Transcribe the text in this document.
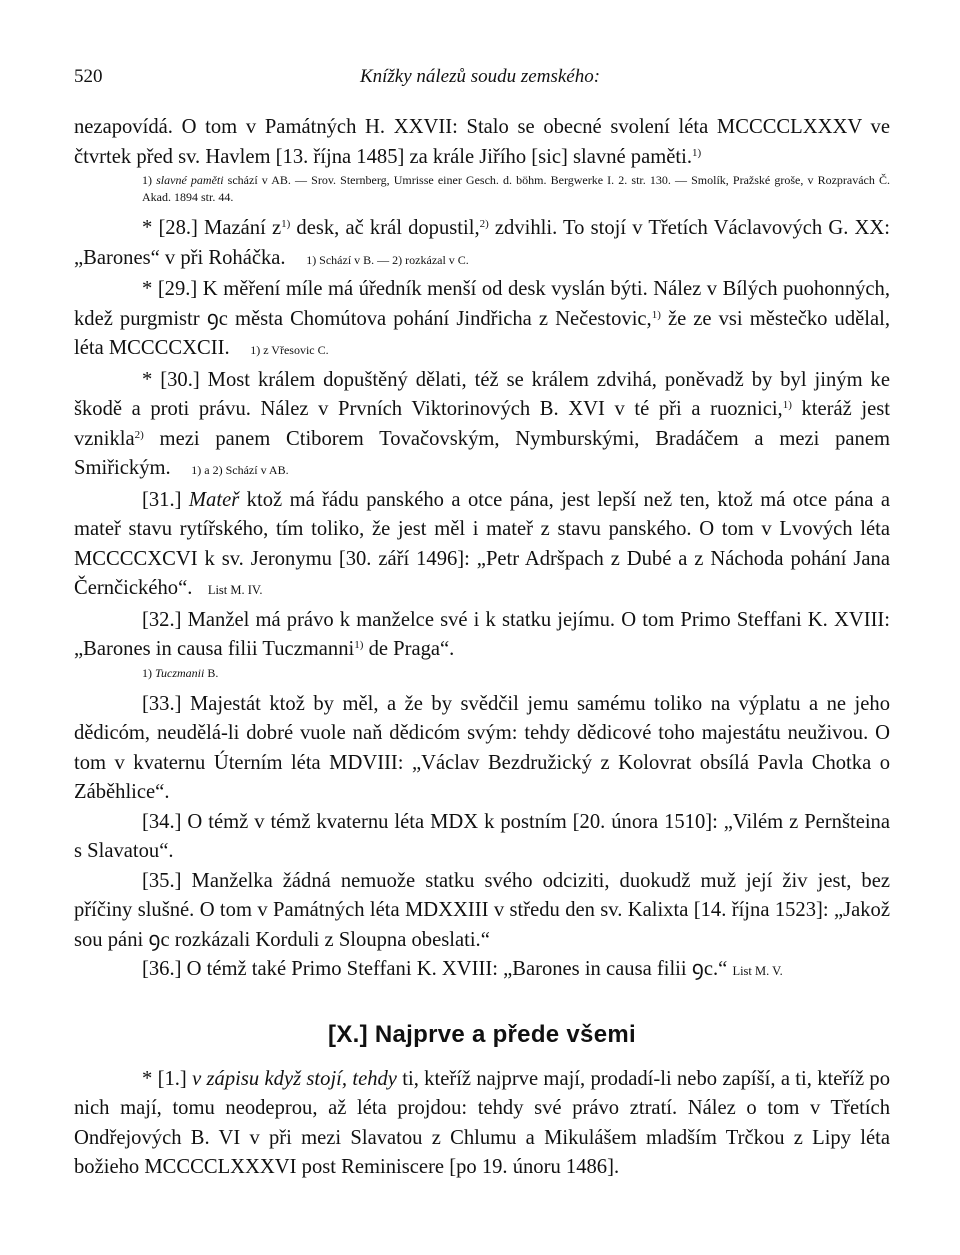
520	Knížky nálezů soudu zemského:

nezapovídá. O tom v Památných H. XXVII: Stalo se obecné svolení léta MCCCCLXXXV ve čtvrtek před sv. Havlem [13. října 1485] za krále Jiřího [sic] slavné paměti.$^{1)}$

1) slavné paměti schází v AB. — Srov. Sternberg, Umrisse einer Gesch. d. böhm. Bergwerke I. 2. str. 130. — Smolík, Pražské groše, v Rozpravách Č. Akad. 1894 str. 44.

* [28.] Mazání $z^{1)}$ desk, ač král dopustil,$^{2)}$ zdvihli. To stojí v Třetích Václavových G. XX: „Barones“ v při Roháčka. 1) Schází v B. — 2) rozkázal v C.

* [29.] K měření míle má úředník menší od desk vyslán býti. Nález v Bílých puohonných, kdež purgmistr ꝯc města Chomútova pohání Jindřicha z Nečestovic,$^{1)}$ že ze vsi městečko udělal, léta MCCCCXCII. 1) z Vřesovic C.

* [30.] Most králem dopuštěný dělati, též se králem zdvihá, poněvadž by byl jiným ke škodě a proti právu. Nález v Prvních Viktorinových B. XVI v té při a ruoznici,$^{1)}$ kteráž jest vznikla$^{2)}$ mezi panem Ctiborem Tovačovským, Nymburskými, Bradáčem a mezi panem Smiřickým. 1) a 2) Schází v AB.

[31.] Mateř ktož má řádu panského a otce pána, jest lepší než ten, ktož má otce pána a mateř stavu rytířského, tím toliko, že jest měl i mateř z stavu panského. O tom v Lvových léta MCCCCXCVI k sv. Jeronymu [30. září 1496]: „Petr Adršpach z Dubé a z Náchoda pohání Jana Černčického“. List M. IV.

[32.] Manžel má právo k manželce své i k statku jejímu. O tom Primo Steffani K. XVIII: „Barones in causa filii Tuczmanni$^{1)}$ de Praga“.

1) Tuczmanii B.

[33.] Majestát ktož by měl, a že by svědčil jemu samému toliko na výplatu a ne jeho dědicóm, neudělá-li dobré vuole naň dědicóm svým: tehdy dědicové toho majestátu neuživou. O tom v kvaternu Úterním léta MDVIII: „Václav Bezdružický z Kolovrat obsílá Pavla Chotka o Záběhlice“.

[34.] O témž v témž kvaternu léta MDX k postním [20. února 1510]: „Vilém z Pernšteina s Slavatou“.

[35.] Manželka žádná nemuože statku svého odciziti, duokudž muž její živ jest, bez příčiny slušné. O tom v Památných léta MDXXIII v středu den sv. Kalixta [14. října 1523]: „Jakož sou páni ꝯc rozkázali Korduli z Sloupna obeslati.“

[36.] O témž také Primo Steffani K. XVIII: „Barones in causa filii ꝯc.“ List M. V.

[X.] Najprve a přede všemi

* [1.] v zápisu když stojí, tehdy ti, kteříž najprve mají, prodadí-li nebo zapíší, a ti, kteříž po nich mají, tomu neodeprou, až léta projdou: tehdy své právo ztratí. Nález o tom v Třetích Ondřejových B. VI v při mezi Slavatou z Chlumu a Mikulášem mladším Trčkou z Lipy léta božieho MCCCCLXXXVI post Reminiscere [po 19. únoru 1486].
